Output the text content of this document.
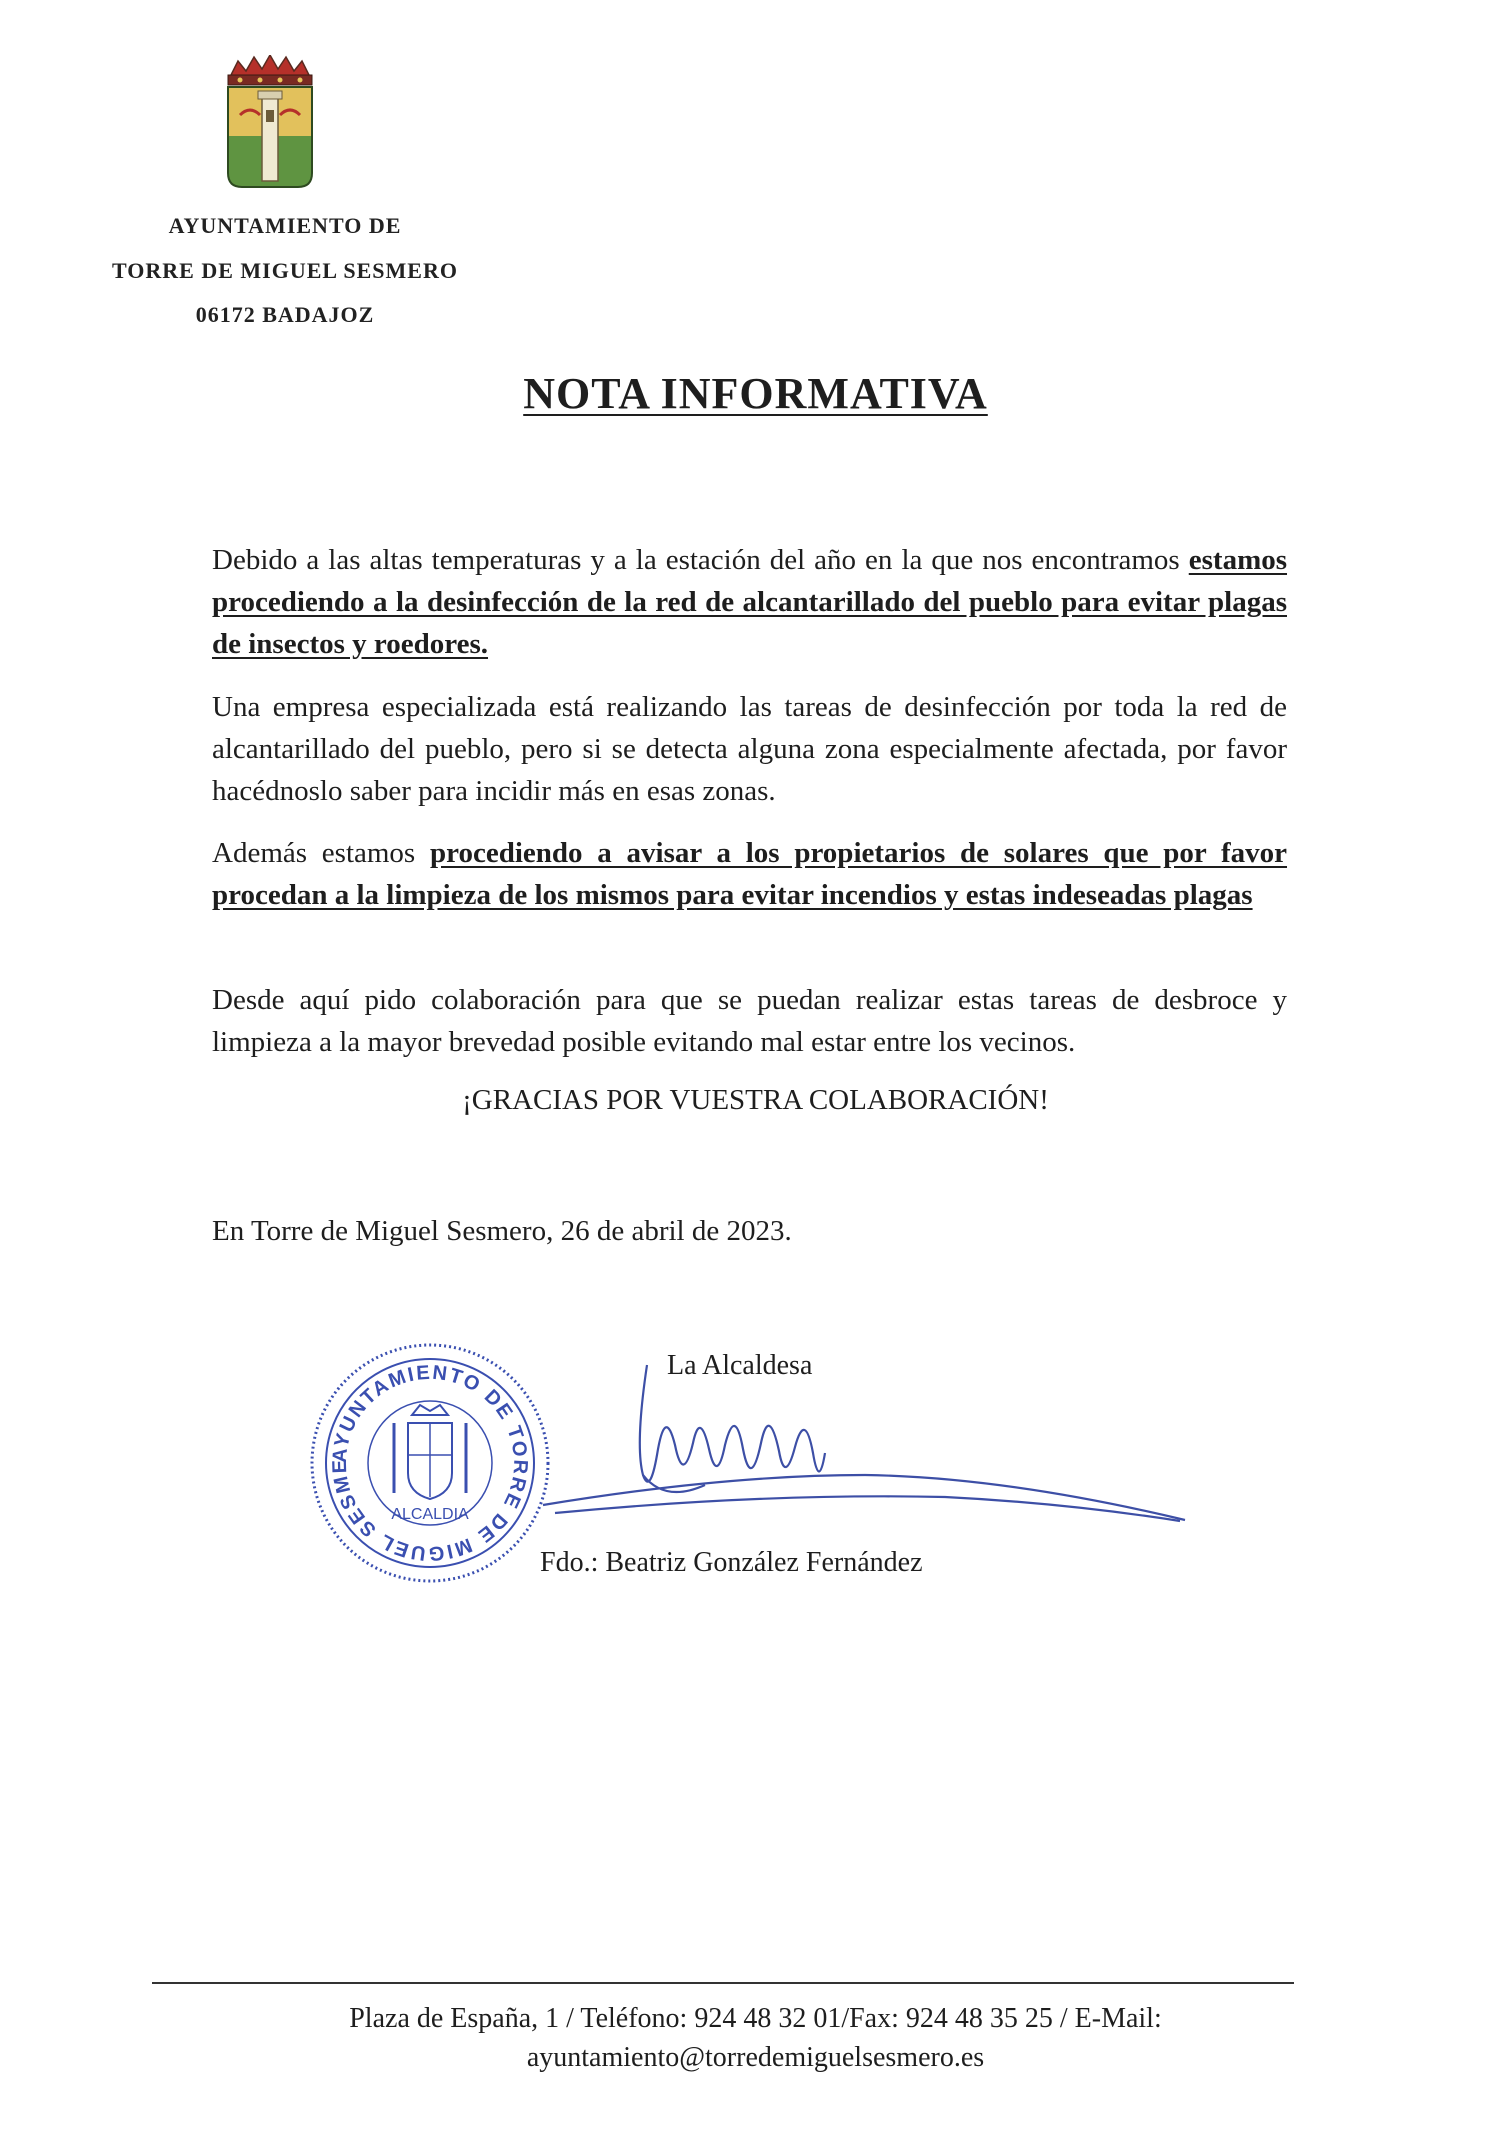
AYUNTAMIENTO DE
TORRE DE MIGUEL SESMERO
06172 BADAJOZ
NOTA INFORMATIVA
Debido a las altas temperaturas y a la estación del año en la que nos encontramos estamos procediendo a la desinfección de la red de alcantarillado del pueblo para evitar plagas de insectos y roedores.
Una empresa especializada está realizando las tareas de desinfección por toda la red de alcantarillado del pueblo, pero si se detecta alguna zona especialmente afectada, por favor hacédnoslo saber para incidir más en esas zonas.
Además estamos procediendo a avisar a los propietarios de solares que por favor procedan a la limpieza de los mismos para evitar incendios y estas indeseadas plagas
Desde aquí pido colaboración para que se puedan realizar estas tareas de desbroce y limpieza a la mayor brevedad posible evitando mal estar entre los vecinos.
¡GRACIAS POR VUESTRA COLABORACIÓN!
En Torre de Miguel Sesmero, 26 de abril de 2023.
AYUNTAMIENTO DE TORRE DE MIGUEL SESMERO (Badajoz)
ALCALDIA
La Alcaldesa
Fdo.: Beatriz González Fernández
Plaza de España, 1 / Teléfono: 924 48 32 01/Fax: 924 48 35 25 / E-Mail:
ayuntamiento@torredemiguelsesmero.es
